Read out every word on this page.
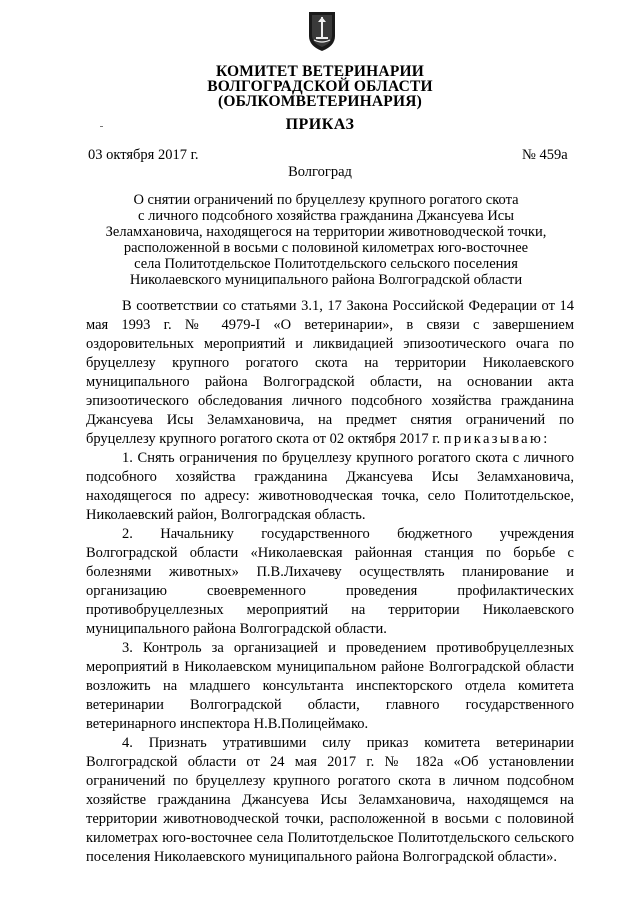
КОМИТЕТ ВЕТЕРИНАРИИ
ВОЛГОГРАДСКОЙ ОБЛАСТИ
(ОБЛКОМВЕТЕРИНАРИЯ)
ПРИКАЗ
03 октября 2017 г.	№ 459а
Волгоград
О снятии ограничений по бруцеллезу крупного рогатого скота
с личного подсобного хозяйства гражданина Джансуева Исы
Зеламхановича, находящегося на территории животноводческой точки,
расположенной в восьми с половиной километрах юго-восточнее
села Политотдельское Политотдельского сельского поселения
Николаевского муниципального района Волгоградской области

В соответствии со статьями 3.1, 17 Закона Российской Федерации от 14 мая 1993 г. № 4979-I «О ветеринарии», в связи с завершением оздоровительных мероприятий и ликвидацией эпизоотического очага по бруцеллезу крупного рогатого скота на территории Николаевского муниципального района Волгоградской области, на основании акта эпизоотического обследования личного подсобного хозяйства гражданина Джансуева Исы Зеламхановича, на предмет снятия ограничений по бруцеллезу крупного рогатого скота от 02 октября 2017 г. приказываю:

1. Снять ограничения по бруцеллезу крупного рогатого скота с личного подсобного хозяйства гражданина Джансуева Исы Зеламхановича, находящегося по адресу: животноводческая точка, село Политотдельское, Николаевский район, Волгоградская область.

2. Начальнику государственного бюджетного учреждения Волгоградской области «Николаевская районная станция по борьбе с болезнями животных» П.В.Лихачеву осуществлять планирование и организацию своевременного проведения профилактических противобруцеллезных мероприятий на территории Николаевского муниципального района Волгоградской области.

3. Контроль за организацией и проведением противобруцеллезных мероприятий в Николаевском муниципальном районе Волгоградской области возложить на младшего консультанта инспекторского отдела комитета ветеринарии Волгоградской области, главного государственного ветеринарного инспектора Н.В.Полицеймако.

4. Признать утратившими силу приказ комитета ветеринарии Волгоградской области от 24 мая 2017 г. № 182а «Об установлении ограничений по бруцеллезу крупного рогатого скота в личном подсобном хозяйстве гражданина Джансуева Исы Зеламхановича, находящемся на территории животноводческой точки, расположенной в восьми с половиной километрах юго-восточнее села Политотдельское Политотдельского сельского поселения Николаевского муниципального района Волгоградской области».
